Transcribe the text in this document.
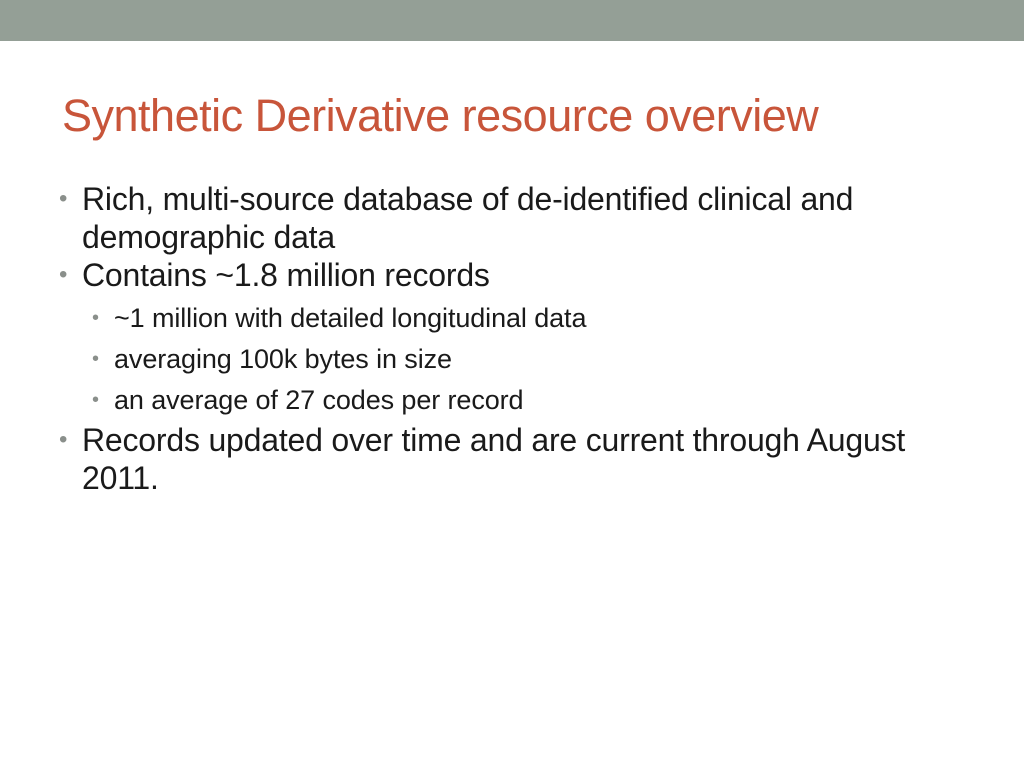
Synthetic Derivative resource overview
• Rich, multi-source database of de-identified clinical and demographic data
• Contains ~1.8 million records
• ~1 million with detailed longitudinal data
• averaging 100k bytes in size
• an average of 27 codes per record
• Records updated over time and are current through August 2011.
